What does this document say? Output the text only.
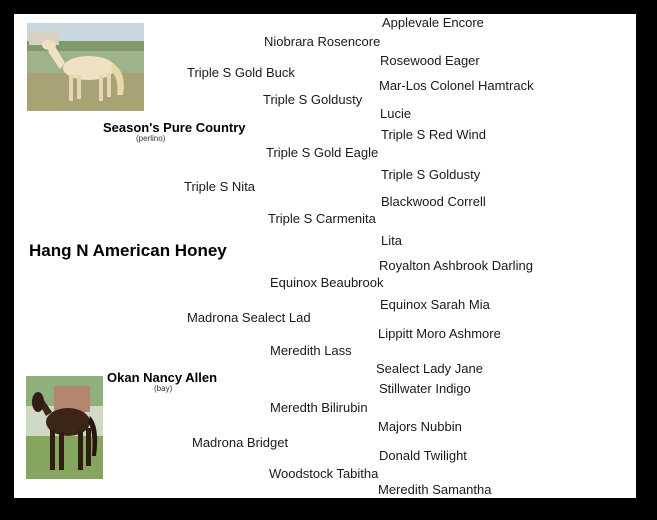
Hang N American Honey
Season's Pure Country
(perlino)
Okan Nancy Allen
(bay)
Triple S Gold Buck
Triple S Nita
Madrona Sealect Lad
Madrona Bridget
Niobrara Rosencore
Triple S Goldusty
Triple S Gold Eagle
Triple S Carmenita
Equinox Beaubrook
Meredith Lass
Meredth Bilirubin
Woodstock Tabitha
Applevale Encore
Rosewood Eager
Mar-Los Colonel Hamtrack
Lucie
Triple S Red Wind
Triple S Goldusty
Blackwood Correll
Lita
Royalton Ashbrook Darling
Equinox Sarah Mia
Lippitt Moro Ashmore
Sealect Lady Jane
Stillwater Indigo
Majors Nubbin
Donald Twilight
Meredith Samantha
